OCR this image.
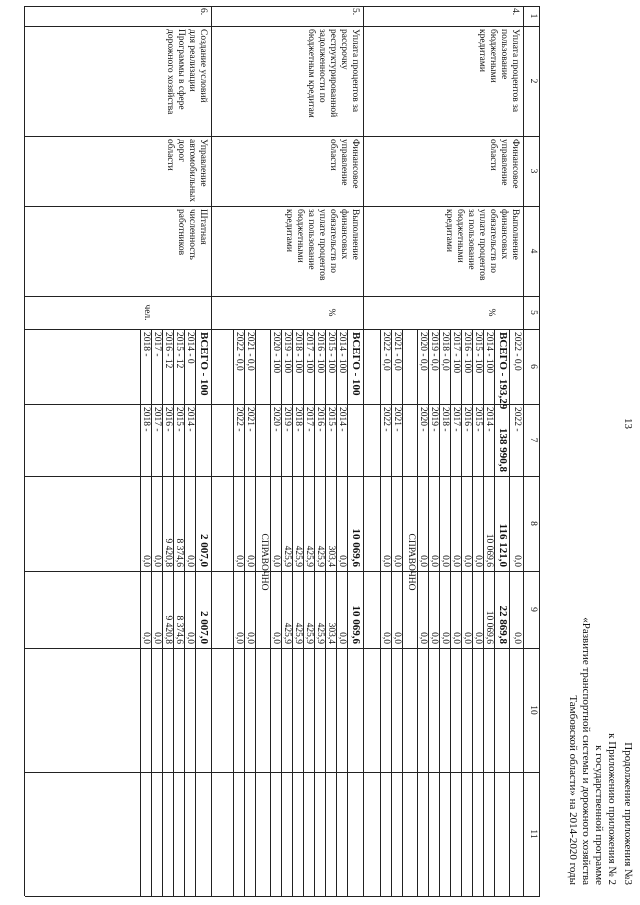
13
Продолжение приложения №3
к Приложению приложения № 2
к государственной программе
«Развитие транспортной системы и дорожного хозяйства
Тамбовской области» на 2014-2020 годы
1
2
3
4
5
6
7
8
9
10
11
4.
Уплата процентов за
пользование
бюджетными
кредитами
Финансовое
управление
области
Выполнение
финансовых
обязательств по
уплате процентов
за пользование
бюджетными
кредитами
%
2022 - 0,0
2022 -
0,0
0,0
ВСЕГО - 193,29
138 990,8
116 121,0
22 869,8
2014 - 100
2014 -
10 069,6
10 069,6
2015 - 100
2015 -
0,0
0,0
2016 - 100
2016 -
0,0
0,0
2017 - 100
2017 -
0,0
0,0
2018 - 0,0
2018 -
0,0
0,0
2019 - 0,0
2019 -
0,0
0,0
2020 - 0,0
2020 -
0,0
0,0
СПРАВОЧНО
2021 - 0,0
2021 -
0,0
0,0
2022 - 0,0
2022 -
0,0
0,0
5.
Уплата процентов за
рассрочку
реструктурированной
задолженности по
бюджетным кредитам
Финансовое
управление
области
Выполнение
финансовых
обязательств по
уплате процентов
за пользование
бюджетными
кредитами
%
ВСЕГО - 100
10 069,6
10 069,6
2014 - 100
2014 -
0,0
0,0
2015 - 100
2015 -
303,4
303,4
2016 - 100
2016 -
425,9
425,9
2017 - 100
2017 -
425,9
425,9
2018 - 100
2018 -
425,9
425,9
2019 - 100
2019 -
425,9
425,9
2020 - 100
2020 -
0,0
0,0
СПРАВОЧНО
2021 - 0,0
2021 -
0,0
0,0
2022 - 0,0
2022 -
0,0
0,0
6.
Создание условий
для реализации
Программы в сфере
дорожного хозяйства
Управление
автомобильных
дорог
области
Штатная
численность
работников
чел.
ВСЕГО - 100
2 007,0
2 007,0
2014 - 0
2014 -
0,0
0,0
2015 - 12
2015 -
8 374,6
8 374,6
2016 - 12
2016 -
9 420,8
9 420,8
2017 -
2017 -
0,0
0,0
2018 -
2018 -
0,0
0,0
